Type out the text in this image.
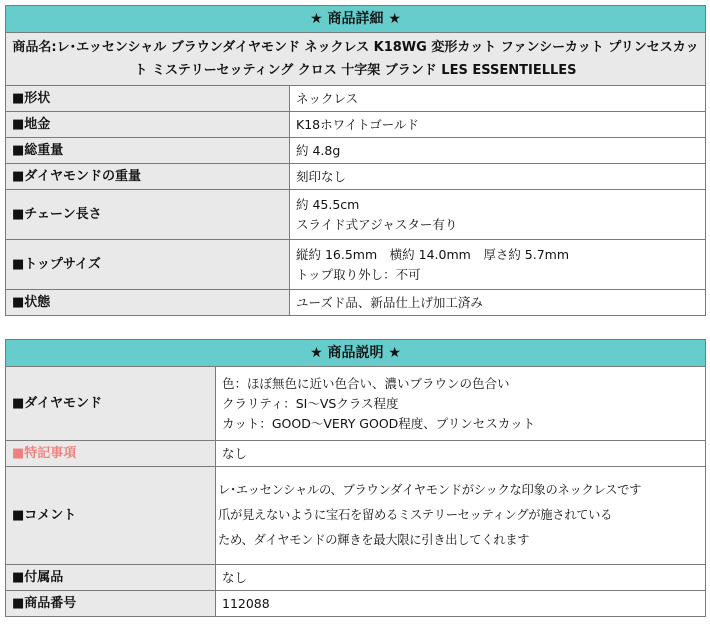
★ 商品詳細 ★	
商品名:レ･エッセンシャル ブラウンダイヤモンド ネックレス K18WG 変形カット ファンシーカット プリンセスカット ミステリーセッティング クロス 十字架 ブランド LES ESSENTIELLES	
■形状	ネックレス

■地金	K18ホワイトゴールド

■総重量	約 4.8g

■ダイヤモンドの重量	刻印なし

■チェーン長さ	約 45.5cm
スライド式アジャスター有り

■トップサイズ	縦約 16.5mm　横約 14.0mm　厚さ約 5.7mm
トップ取り外し：不可

■状態	ユーズド品、新品仕上げ加工済み
★ 商品説明 ★	
■ダイヤモンド	色：ほぼ無色に近い色合い、濃いブラウンの色合い
クラリティ：SI～VSクラス程度
カット：GOOD～VERY GOOD程度、プリンセスカット

■特記事項	なし

■コメント	レ･エッセンシャルの、ブラウンダイヤモンドがシックな印象のネックレスです
爪が見えないように宝石を留めるミステリーセッティングが施されている
ため、ダイヤモンドの輝きを最大限に引き出してくれます

■付属品	なし

■商品番号	112088
